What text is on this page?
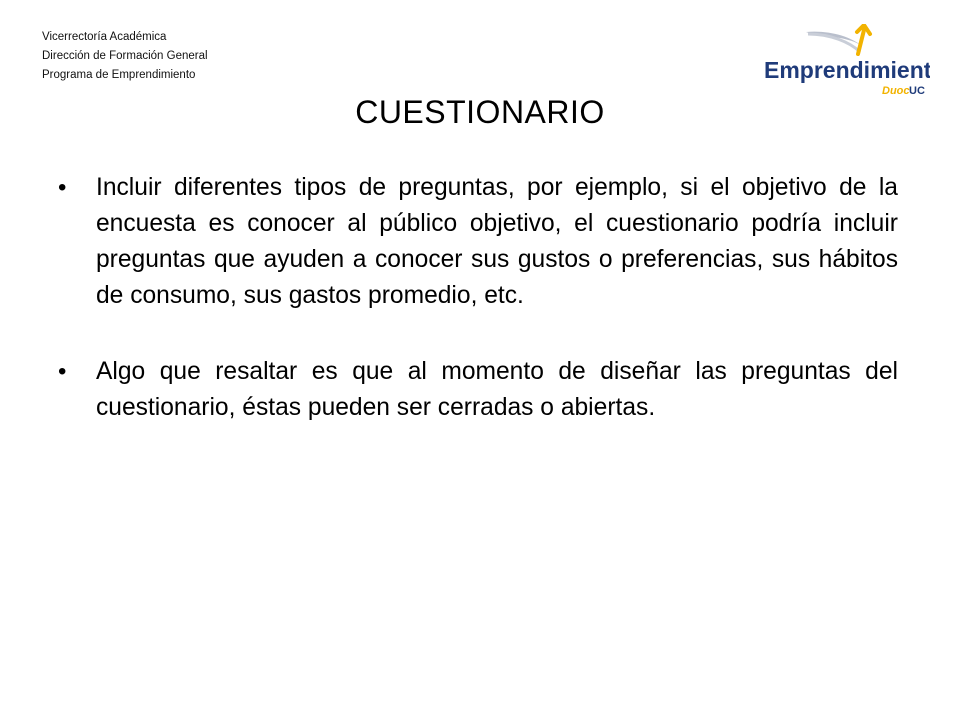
Vicerrectoría Académica
Dirección de Formación General
Programa de Emprendimiento	Emprendimiento
Duoc UC
CUESTIONARIO
• Incluir diferentes tipos de preguntas, por ejemplo, si el objetivo de la encuesta es conocer al público objetivo, el cuestionario podría incluir preguntas que ayuden a conocer sus gustos o preferencias, sus hábitos de consumo, sus gastos promedio, etc.
• Algo que resaltar es que al momento de diseñar las preguntas del cuestionario, éstas pueden ser cerradas o abiertas.
